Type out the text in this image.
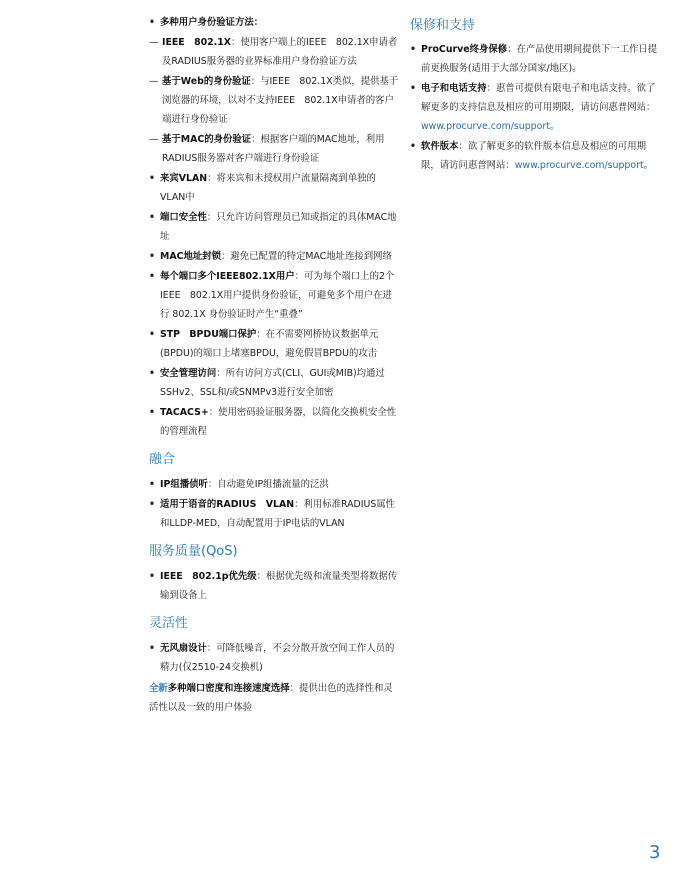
• 多种用户身份验证方法：
— IEEE　802.1X：使用客户端上的IEEE　802.1X申请者及RADIUS服务器的业界标准用户身份验证方法
— 基于Web的身份验证：与IEEE　802.1X类似，提供基于浏览器的环境，以对不支持IEEE　802.1X申请者的客户端进行身份验证
— 基于MAC的身份验证：根据客户端的MAC地址，利用RADIUS服务器对客户端进行身份验证
• 来宾VLAN：将来宾和未授权用户流量隔离到单独的VLAN中
• 端口安全性：只允许访问管理员已知或指定的具体MAC地址
• MAC地址封锁：避免已配置的特定MAC地址连接到网络
• 每个端口多个IEEE802.1X用户：可为每个端口上的2个IEEE　802.1X用户提供身份验证，可避免多个用户在进行 802.1X 身份验证时产生“重叠”
• STP　BPDU端口保护：在不需要网桥协议数据单元(BPDU)的端口上堵塞BPDU，避免假冒BPDU的攻击
• 安全管理访问：所有访问方式(CLI、GUI或MIB)均通过SSHv2、SSL和/或SNMPv3进行安全加密
• TACACS+：使用密码验证服务器，以简化交换机安全性的管理流程
融合
• IP组播侦听：自动避免IP组播流量的泛洪
• 适用于语音的RADIUS　VLAN：利用标准RADIUS属性和LLDP-MED，自动配置用于IP电话的VLAN
服务质量(QoS)
• IEEE　802.1p优先级：根据优先级和流量类型将数据传输到设备上
灵活性
• 无风扇设计：可降低噪音，不会分散开放空间工作人员的精力(仅2510-24交换机)
全新多种端口密度和连接速度选择：提供出色的选择性和灵活性以及一致的用户体验
保修和支持
• ProCurve终身保修：在产品使用期间提供下一工作日提前更换服务(适用于大部分国家/地区)。
• 电子和电话支持：惠普可提供有限电子和电话支持。欲了解更多的支持信息及相应的可用期限，请访问惠普网站：www.procurve.com/support。
• 软件版本：欲了解更多的软件版本信息及相应的可用期限，请访问惠普网站：www.procurve.com/support。
3
